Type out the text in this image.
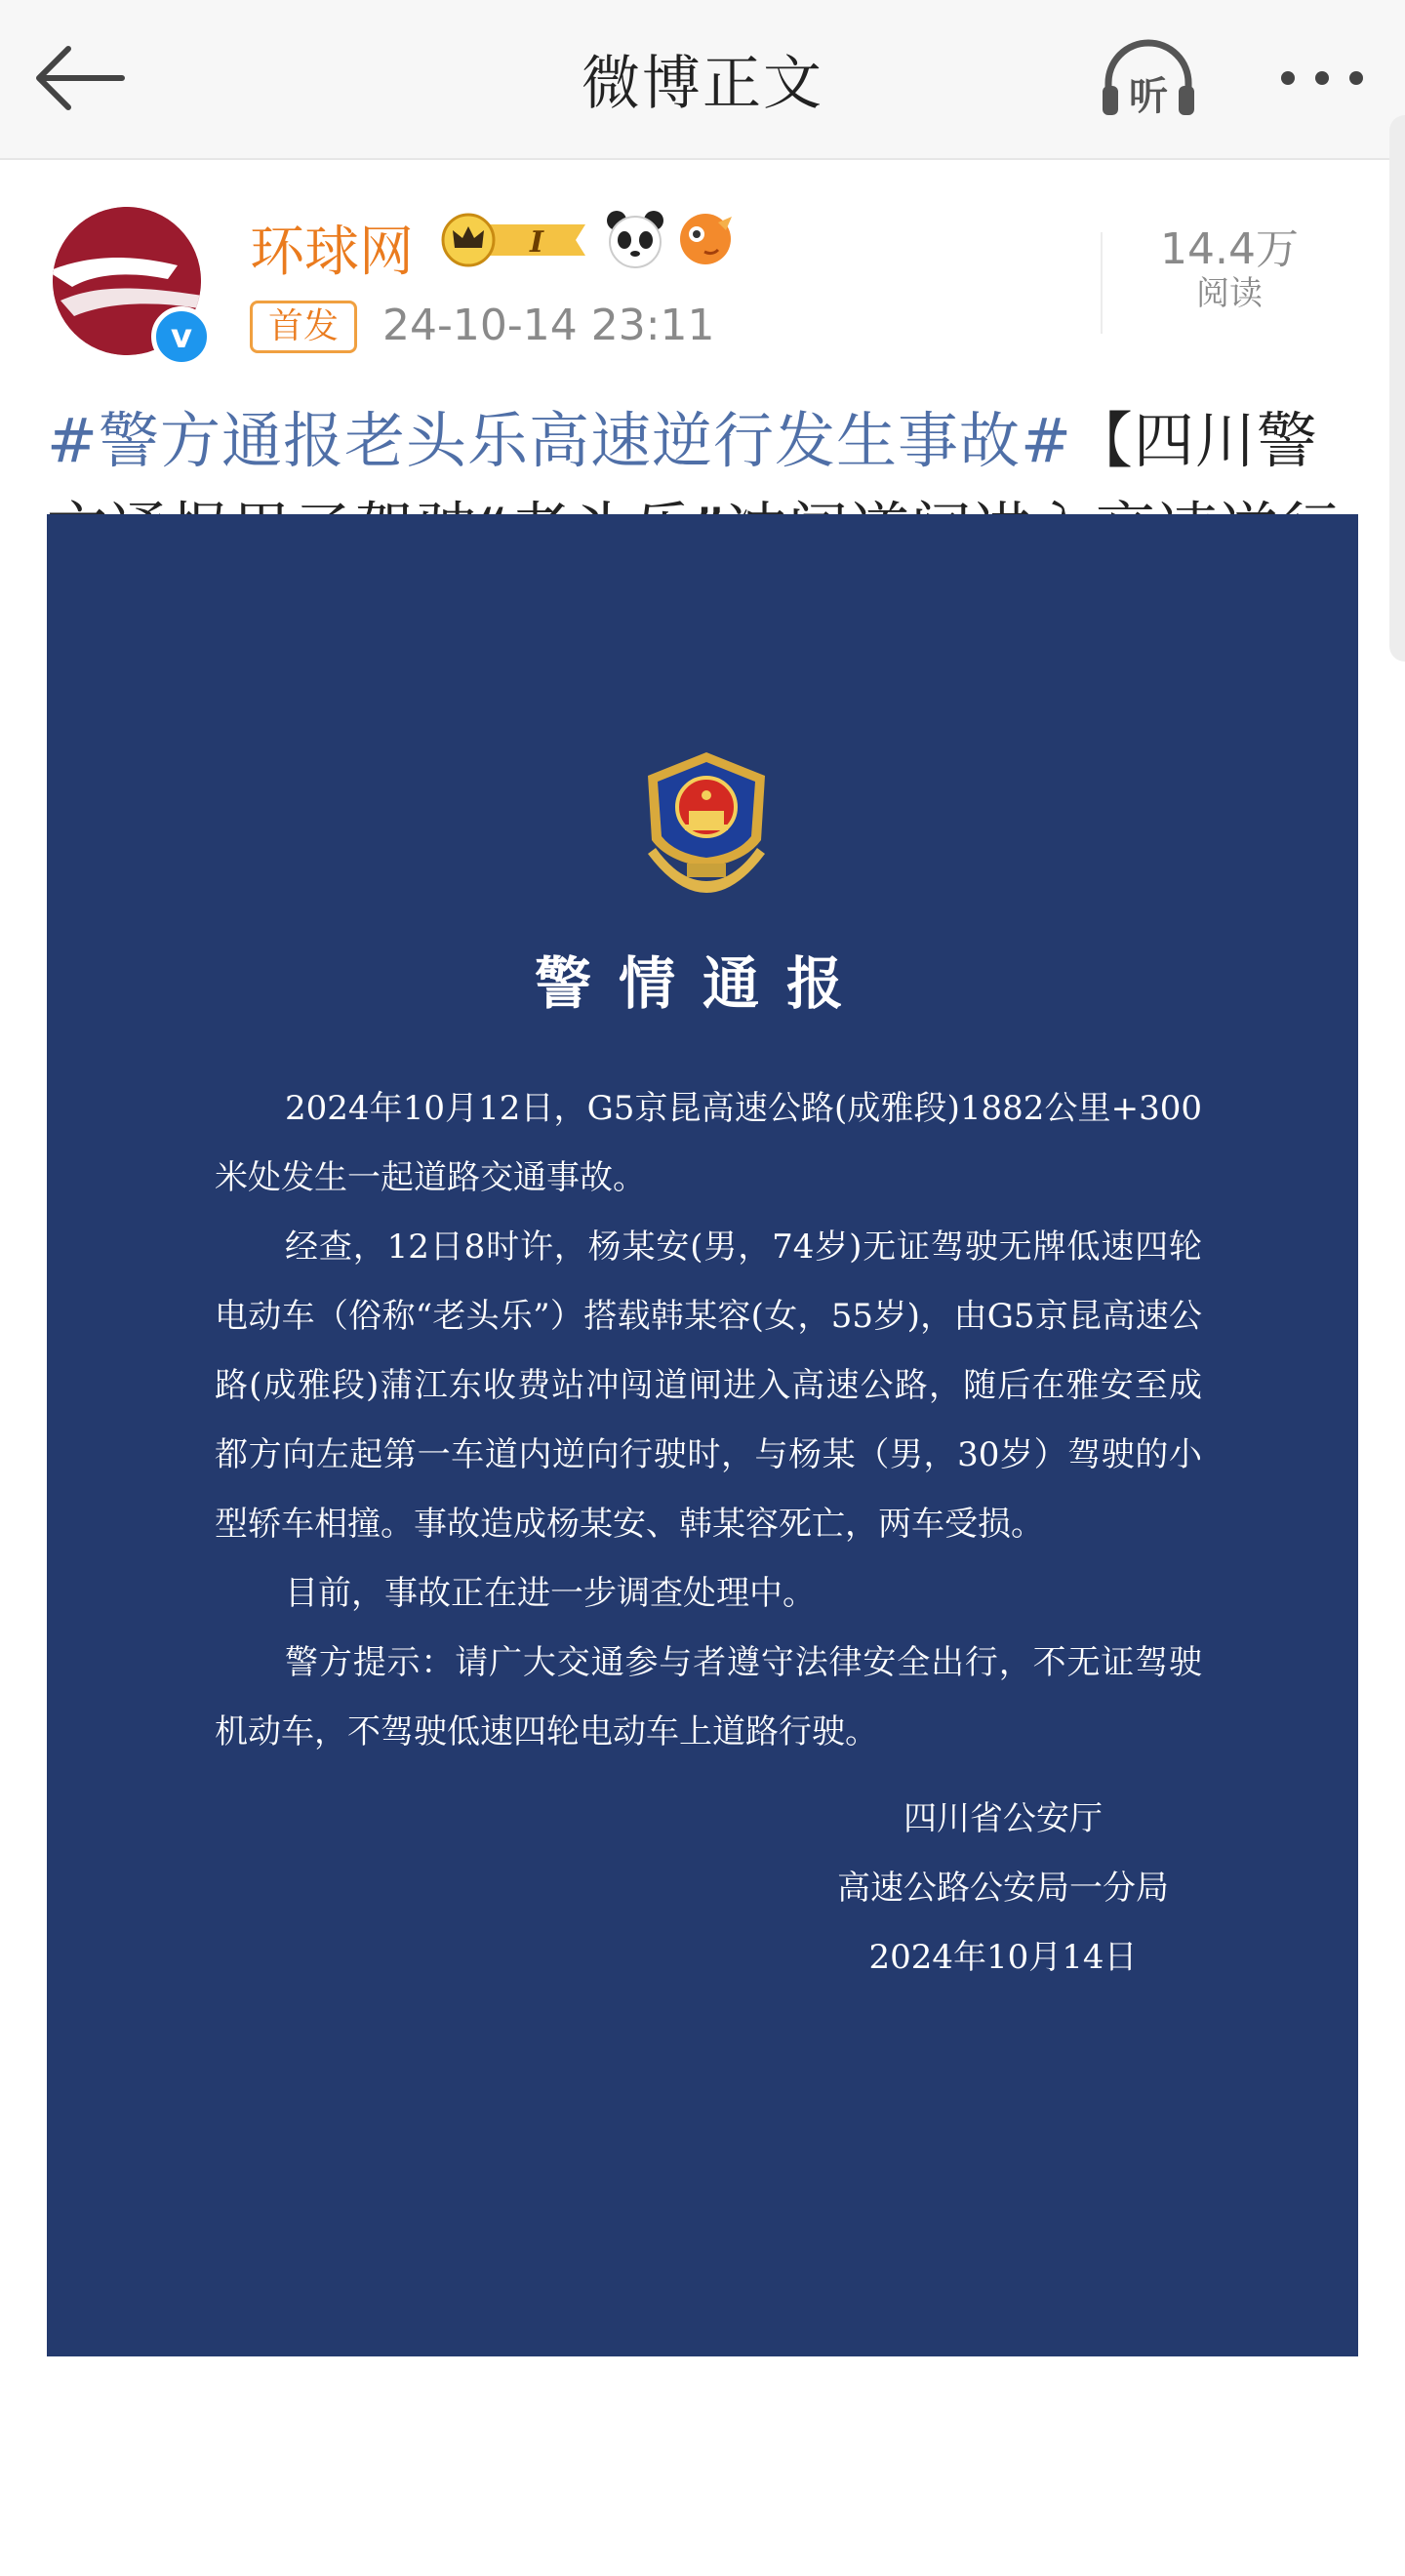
微博正文	听
v
环球网	I
首发	24-10-14 23:11
14.4万
阅读
#警方通报老头乐高速逆行发生事故#【四川警
警情通报

2024年10月12日，G5京昆高速公路(成雅段)1882公里+300米处发生一起道路交通事故。

经查，12日8时许，杨某安(男，74岁)无证驾驶无牌低速四轮电动车（俗称“老头乐”）搭载韩某容(女，55岁)，由G5京昆高速公路(成雅段)蒲江东收费站冲闯道闸进入高速公路，随后在雅安至成都方向左起第一车道内逆向行驶时，与杨某（男，30岁）驾驶的小型轿车相撞。事故造成杨某安、韩某容死亡，两车受损。

目前，事故正在进一步调查处理中。

警方提示：请广大交通参与者遵守法律安全出行，不无证驾驶机动车，不驾驶低速四轮电动车上道路行驶。

四川省公安厅
高速公路公安局一分局
2024年10月14日
